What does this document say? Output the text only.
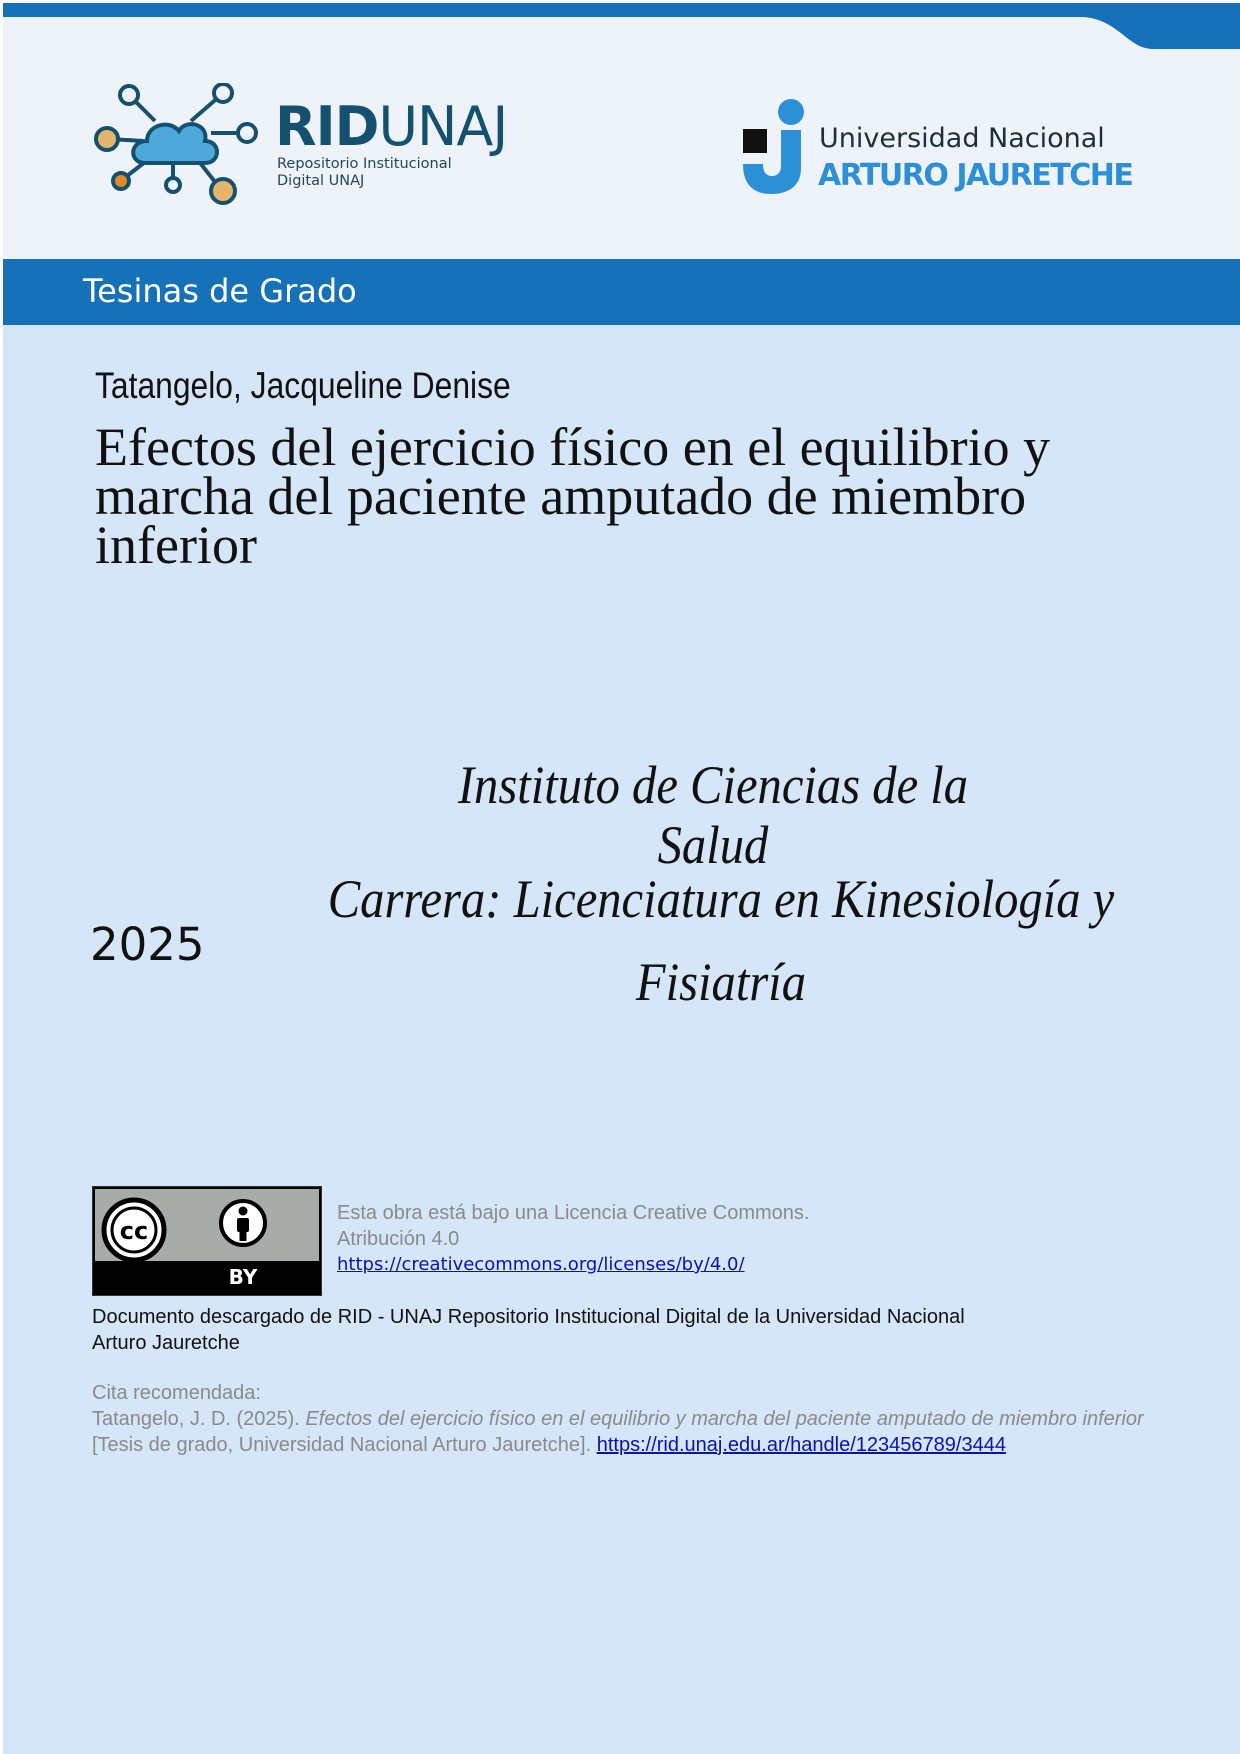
RIDUNAJ
Repositorio Institucional
Digital UNAJ
Universidad Nacional
ARTURO JAURETCHE
Tesinas de Grado
Tatangelo, Jacqueline Denise
Efectos del ejercicio físico en el equilibrio y marcha del paciente amputado de miembro inferior
Instituto de Ciencias de la Salud
Carrera: Licenciatura en Kinesiología y Fisiatría
2025
cc
BY
Esta obra está bajo una Licencia Creative Commons.
Atribución 4.0
https://creativecommons.org/licenses/by/4.0/
Documento descargado de RID - UNAJ Repositorio Institucional Digital de la Universidad Nacional Arturo Jauretche
Cita recomendada:
Tatangelo, J. D. (2025). Efectos del ejercicio físico en el equilibrio y marcha del paciente amputado de miembro inferior [Tesis de grado, Universidad Nacional Arturo Jauretche]. https://rid.unaj.edu.ar/handle/123456789/3444
